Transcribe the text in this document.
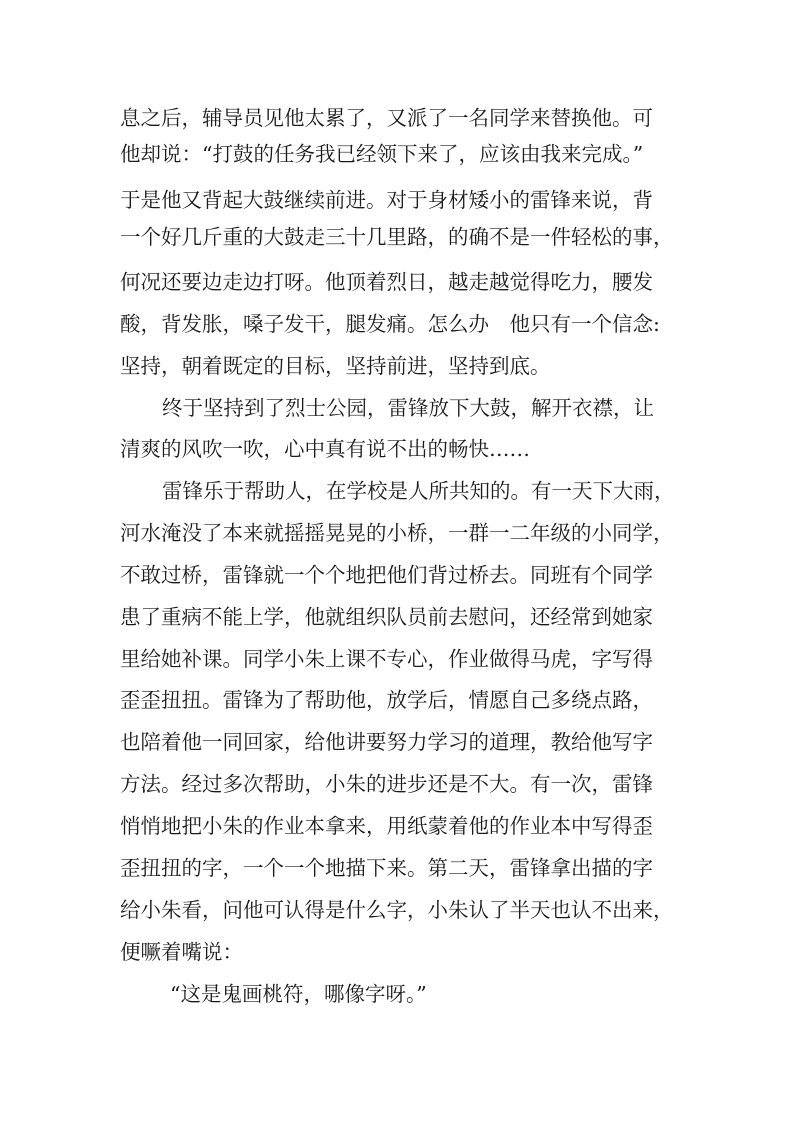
息之后，辅导员见他太累了，又派了一名同学来替换他。可
他却说：“打鼓的任务我已经领下来了，应该由我来完成。”
于是他又背起大鼓继续前进。对于身材矮小的雷锋来说，背
一个好几斤重的大鼓走三十几里路，的确不是一件轻松的事，
何况还要边走边打呀。他顶着烈日，越走越觉得吃力，腰发
酸，背发胀，嗓子发干，腿发痛。怎么办　他只有一个信念:
坚持，朝着既定的目标，坚持前进，坚持到底。
终于坚持到了烈士公园，雷锋放下大鼓，解开衣襟，让
清爽的风吹一吹，心中真有说不出的畅快……
雷锋乐于帮助人，在学校是人所共知的。有一天下大雨，
河水淹没了本来就摇摇晃晃的小桥，一群一二年级的小同学，
不敢过桥，雷锋就一个个地把他们背过桥去。同班有个同学
患了重病不能上学，他就组织队员前去慰问，还经常到她家
里给她补课。同学小朱上课不专心，作业做得马虎，字写得
歪歪扭扭。雷锋为了帮助他，放学后，情愿自己多绕点路，
也陪着他一同回家，给他讲要努力学习的道理，教给他写字
方法。经过多次帮助，小朱的进步还是不大。有一次，雷锋
悄悄地把小朱的作业本拿来，用纸蒙着他的作业本中写得歪
歪扭扭的字，一个一个地描下来。第二天，雷锋拿出描的字
给小朱看，问他可认得是什么字，小朱认了半天也认不出来，
便噘着嘴说：
“这是鬼画桃符，哪像字呀。”
